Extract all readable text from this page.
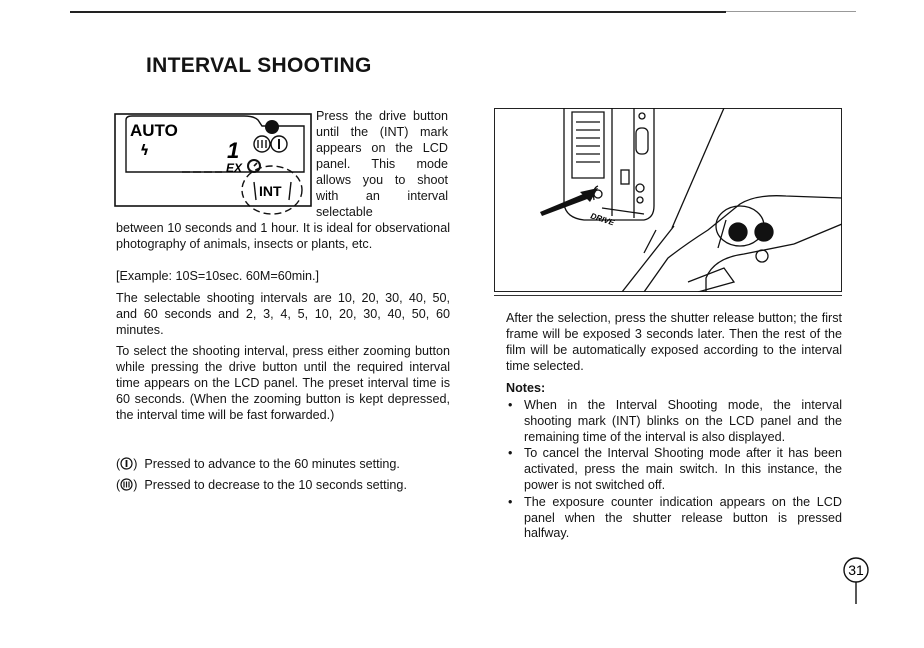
INTERVAL SHOOTING
AUTO
ϟ	1
EX
INT

Press the drive button until the (INT) mark appears on the LCD panel. This mode allows you to shoot with an interval selectable

between 10 seconds and 1 hour. It is ideal for observational photography of animals, insects or plants, etc.

[Example: 10S=10sec. 60M=60min.]

The selectable shooting intervals are 10, 20, 30, 40, 50, and 60 seconds and 2, 3, 4, 5, 10, 20, 30, 40, 50, 60 minutes.

To select the shooting interval, press either zooming button while pressing the drive button until the required interval time appears on the LCD panel. The preset interval time is 60 seconds. (When the zooming button is kept depressed, the interval time will be fast forwarded.)

( ) Pressed to advance to the 60 minutes setting.

( ) Pressed to decrease to the 10 seconds setting.

DRIVE

After the selection, press the shutter release button; the first frame will be exposed 3 seconds later. Then the rest of the film will be automatically exposed according to the interval time selected.

Notes:
• When in the Interval Shooting mode, the interval shooting mark (INT) blinks on the LCD panel and the remaining time of the interval is also displayed.
• To cancel the Interval Shooting mode after it has been activated, press the main switch. In this instance, the power is not switched off.
• The exposure counter indication appears on the LCD panel when the shutter release button is pressed halfway.
31
